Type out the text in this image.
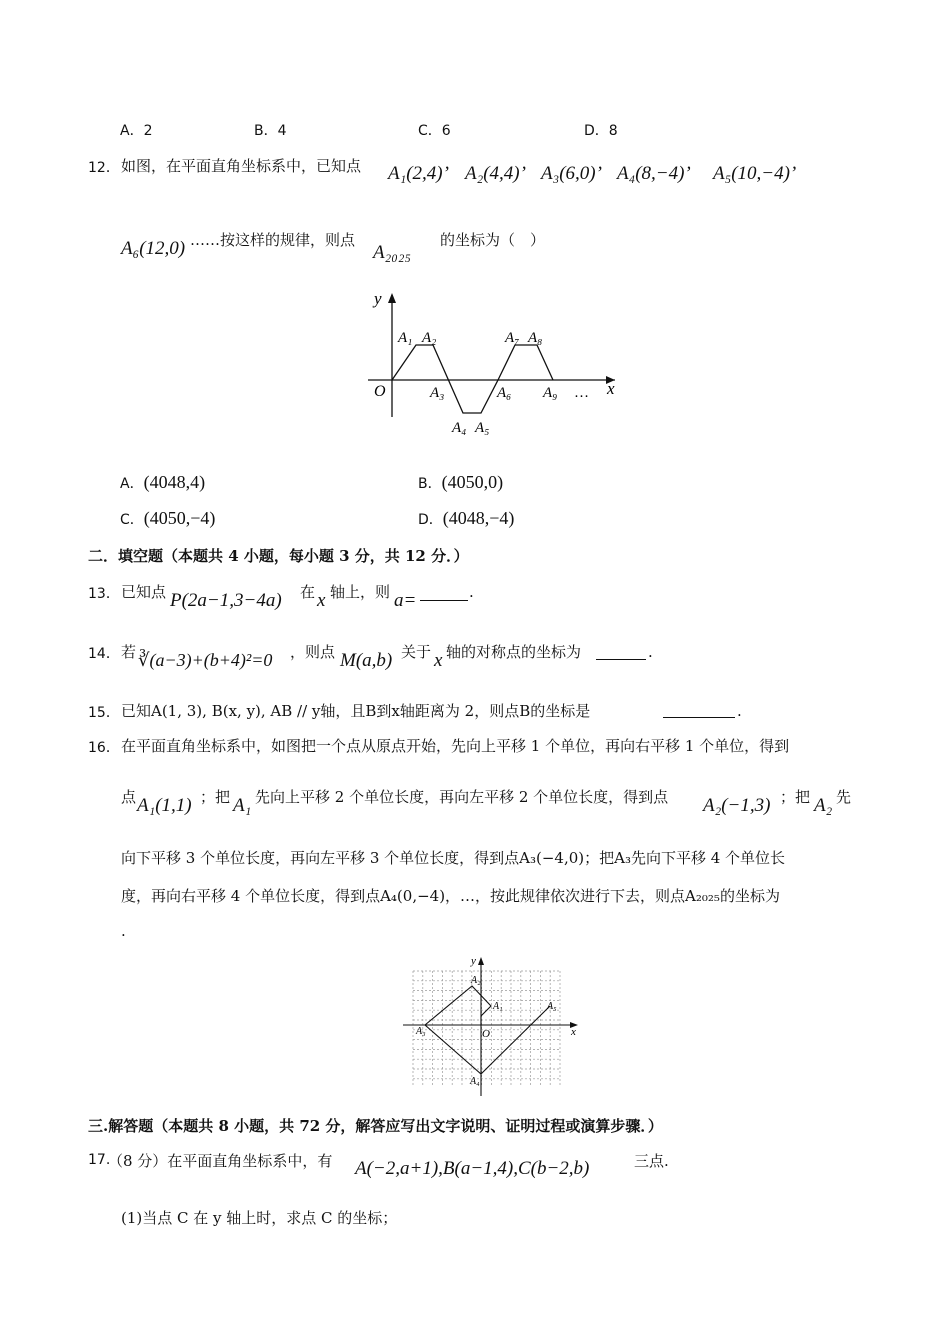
A．2	B．4	C．6	D．8
12． 如图，在平面直角坐标系中，已知点 A₁(2,4)’ A₂(4,4)’ A₃(6,0)’ A₄(8,−4)’ A₅(10,−4)’
A₆(12,0) ……按这样的规律，则点
A₂₀₂₅
的坐标为（　）
y
x
O
A₁ A₂
A₃
A₄ A₅
A₆
A₇ A₈
A₉ …
A．(4048,4)	B．(4050,0)
C．(4050,−4)	D．(4048,−4)
二．填空题（本题共 4 小题，每小题 3 分，共 12 分．）
13． 已知点 P(2a−1,3−4a) 在 x 轴上，则 a=	.
14． 若 ∛(a−3)+(b+4)²=0 ，则点 M(a,b) 关于 x 轴的对称点的坐标为	.
15． 已知A(1, 3), B(x, y), AB // y轴，且B到x轴距离为 2，则点B的坐标是	.
16． 在平面直角坐标系中，如图把一个点从原点开始，先向上平移 1 个单位，再向右平移 1 个单位，得到
点 A₁(1,1) ；把 A₁ 先向上平移 2 个单位长度，再向左平移 2 个单位长度，得到点 A₂(−1,3) ；把 A₂ 先
向下平移 3 个单位长度，再向左平移 3 个单位长度，得到点A₃(−4,0)；把A₃先向下平移 4 个单位长
度，再向右平移 4 个单位长度，得到点A₄(0,−4)，…，按此规律依次进行下去，则点A₂₀₂₅的坐标为
.
y
x
O
A₁
A₂
A₃
A₄
A₅
三.解答题（本题共 8 小题，共 72 分，解答应写出文字说明、证明过程或演算步骤．）
17.
（8 分）在平面直角坐标系中，有 A(−2,a+1),B(a−1,4),C(b−2,b)	三点.
(1)当点 C 在 y 轴上时，求点 C 的坐标；
